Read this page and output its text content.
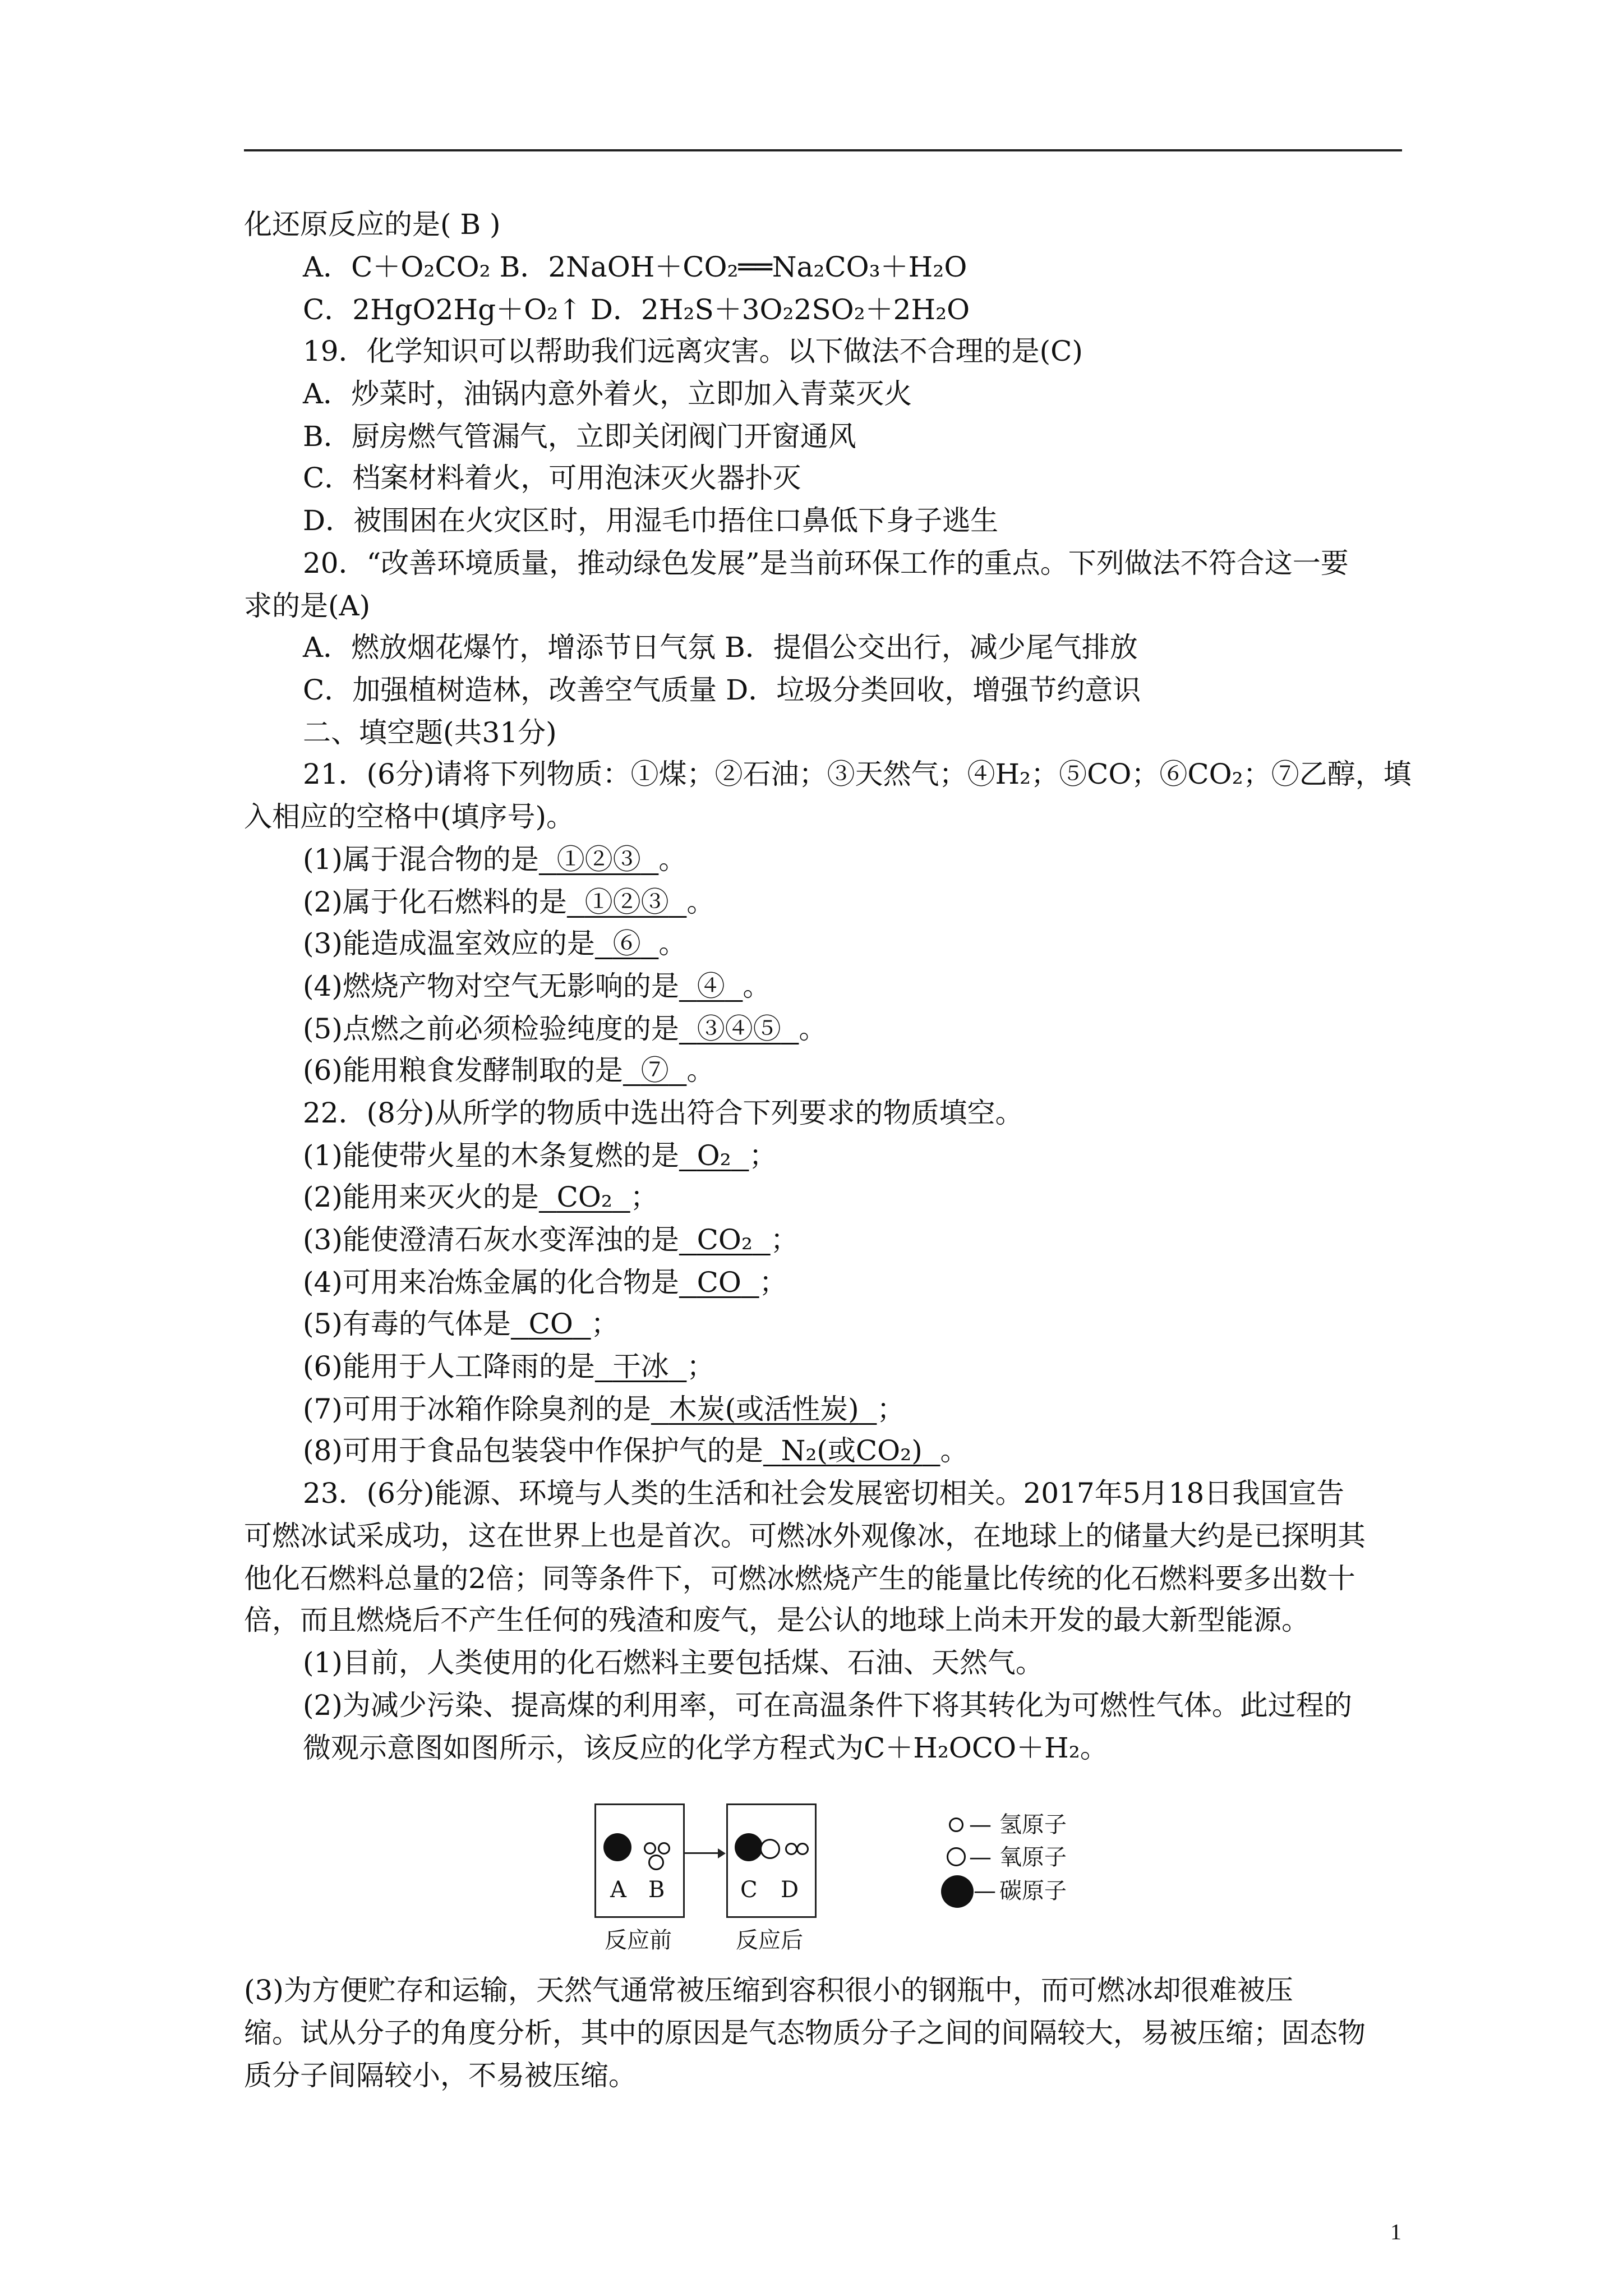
化还原反应的是( B )
A．C＋O₂CO₂ B．2NaOH＋CO₂══Na₂CO₃＋H₂O
C．2HgO2Hg＋O₂↑ D．2H₂S＋3O₂2SO₂＋2H₂O
19．化学知识可以帮助我们远离灾害。以下做法不合理的是(C)
A．炒菜时，油锅内意外着火，立即加入青菜灭火
B．厨房燃气管漏气，立即关闭阀门开窗通风
C．档案材料着火，可用泡沫灭火器扑灭
D．被围困在火灾区时，用湿毛巾捂住口鼻低下身子逃生
20．“改善环境质量，推动绿色发展”是当前环保工作的重点。下列做法不符合这一要
求的是(A)
A．燃放烟花爆竹，增添节日气氛 B．提倡公交出行，减少尾气排放
C．加强植树造林，改善空气质量 D．垃圾分类回收，增强节约意识
二、填空题(共31分)
21．(6分)请将下列物质：①煤；②石油；③天然气；④H₂；⑤CO；⑥CO₂；⑦乙醇，填
入相应的空格中(填序号)。
(1)属于混合物的是 ①②③ 。
(2)属于化石燃料的是 ①②③ 。
(3)能造成温室效应的是 ⑥ 。
(4)燃烧产物对空气无影响的是 ④ 。
(5)点燃之前必须检验纯度的是 ③④⑤ 。
(6)能用粮食发酵制取的是 ⑦ 。
22．(8分)从所学的物质中选出符合下列要求的物质填空。
(1)能使带火星的木条复燃的是 O₂ ；
(2)能用来灭火的是 CO₂ ；
(3)能使澄清石灰水变浑浊的是 CO₂ ；
(4)可用来冶炼金属的化合物是 CO ；
(5)有毒的气体是 CO ；
(6)能用于人工降雨的是 干冰 ；
(7)可用于冰箱作除臭剂的是 木炭(或活性炭) ；
(8)可用于食品包装袋中作保护气的是 N₂(或CO₂) 。
23．(6分)能源、环境与人类的生活和社会发展密切相关。2017年5月18日我国宣告
可燃冰试采成功，这在世界上也是首次。可燃冰外观像冰，在地球上的储量大约是已探明其
他化石燃料总量的2倍；同等条件下，可燃冰燃烧产生的能量比传统的化石燃料要多出数十
倍，而且燃烧后不产生任何的残渣和废气，是公认的地球上尚未开发的最大新型能源。
(1)目前，人类使用的化石燃料主要包括煤、石油、天然气。
(2)为减少污染、提高煤的利用率，可在高温条件下将其转化为可燃性气体。此过程的
微观示意图如图所示，该反应的化学方程式为C＋H₂OCO＋H₂。
(3)为方便贮存和运输，天然气通常被压缩到容积很小的钢瓶中，而可燃冰却很难被压
缩。试从分子的角度分析，其中的原因是气态物质分子之间的间隔较大，易被压缩；固态物
质分子间隔较小，不易被压缩。
A B	C D
反应前	反应后
— 氢原子
— 氧原子
— 碳原子
1
